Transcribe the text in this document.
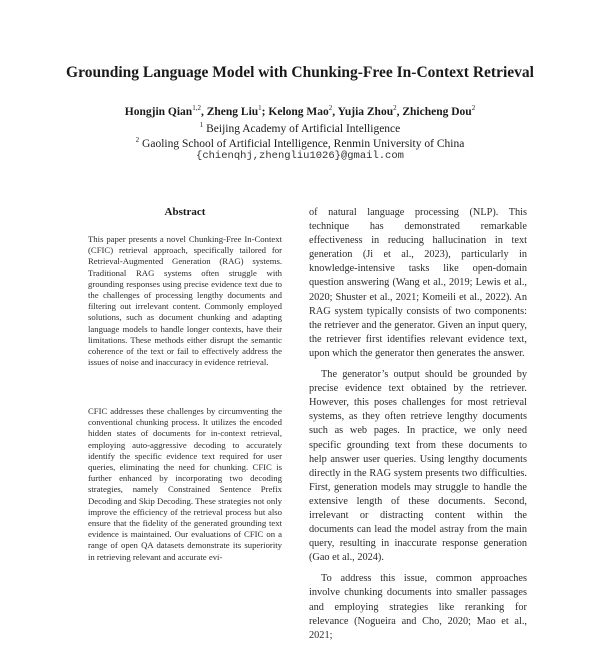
Grounding Language Model with Chunking-Free In-Context Retrieval
Hongjin Qian$^{1,2}$, Zheng Liu$^1$; Kelong Mao$^2$, Yujia Zhou$^2$, Zhicheng Dou$^2$
$^1$ Beijing Academy of Artificial Intelligence
$^2$ Gaoling School of Artificial Intelligence, Renmin University of China
{chienqhj,zhengliu1026}@gmail.com
Abstract

This paper presents a novel Chunking-Free In-Context (CFIC) retrieval approach, specifically tailored for Retrieval-Augmented Generation (RAG) systems. Traditional RAG systems often struggle with grounding responses using precise evidence text due to the challenges of processing lengthy documents and filtering out irrelevant content. Commonly employed solutions, such as document chunking and adapting language models to handle longer contexts, have their limitations. These methods either disrupt the semantic coherence of the text or fail to effectively address the issues of noise and inaccuracy in evidence retrieval.

CFIC addresses these challenges by circumventing the conventional chunking process. It utilizes the encoded hidden states of documents for in-context retrieval, employing auto-aggressive decoding to accurately identify the specific evidence text required for user queries, eliminating the need for chunking. CFIC is further enhanced by incorporating two decoding strategies, namely Constrained Sentence Prefix Decoding and Skip Decoding. These strategies not only improve the efficiency of the retrieval process but also ensure that the fidelity of the generated grounding text evidence is maintained. Our evaluations of CFIC on a range of open QA datasets demonstrate its superiority in retrieving relevant and accurate evi-

of natural language processing (NLP). This technique has demonstrated remarkable effectiveness in reducing hallucination in text generation (Ji et al., 2023), particularly in knowledge-intensive tasks like open-domain question answering (Wang et al., 2019; Lewis et al., 2020; Shuster et al., 2021; Komeili et al., 2022). An RAG system typically consists of two components: the retriever and the generator. Given an input query, the retriever first identifies relevant evidence text, upon which the generator then generates the answer.

The generator’s output should be grounded by precise evidence text obtained by the retriever. However, this poses challenges for most retrieval systems, as they often retrieve lengthy documents such as web pages. In practice, we only need specific grounding text from these documents to help answer user queries. Using lengthy documents directly in the RAG system presents two difficulties. First, generation models may struggle to handle the extensive length of these documents. Second, irrelevant or distracting content within the documents can lead the model astray from the main query, resulting in inaccurate response generation (Gao et al., 2024).

To address this issue, common approaches involve chunking documents into smaller passages and employing strategies like reranking for relevance (Nogueira and Cho, 2020; Mao et al., 2021;
